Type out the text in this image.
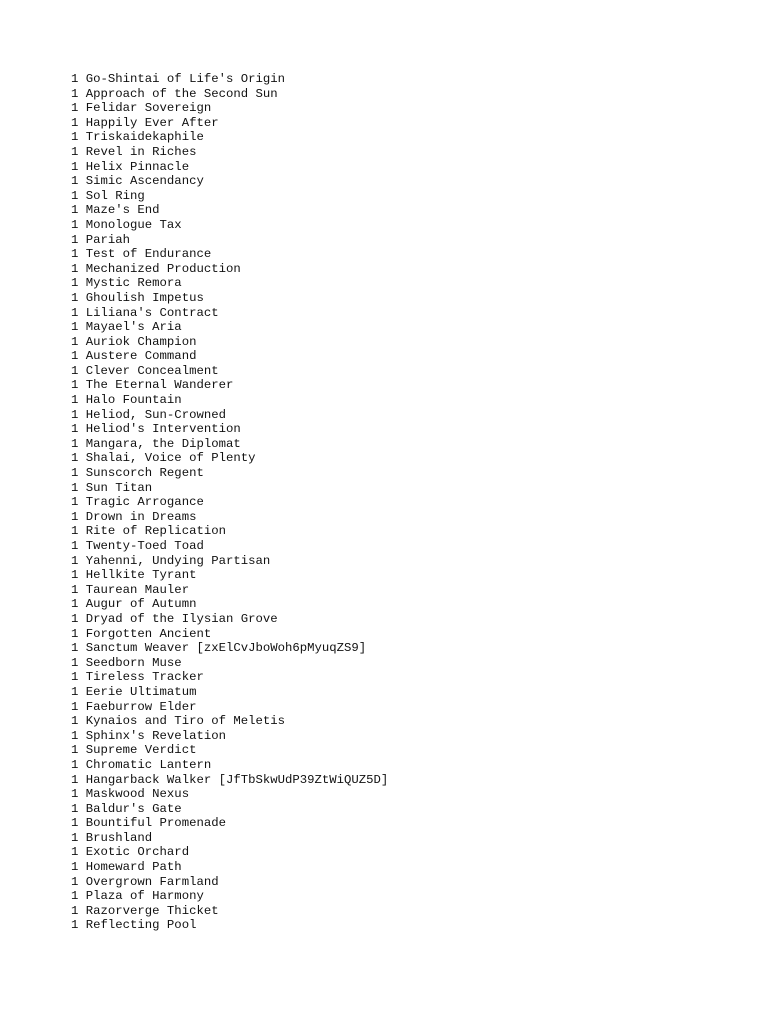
1 Go-Shintai of Life's Origin
1 Approach of the Second Sun
1 Felidar Sovereign
1 Happily Ever After
1 Triskaidekaphile
1 Revel in Riches
1 Helix Pinnacle
1 Simic Ascendancy
1 Sol Ring
1 Maze's End
1 Monologue Tax
1 Pariah
1 Test of Endurance
1 Mechanized Production
1 Mystic Remora
1 Ghoulish Impetus
1 Liliana's Contract
1 Mayael's Aria
1 Auriok Champion
1 Austere Command
1 Clever Concealment
1 The Eternal Wanderer
1 Halo Fountain
1 Heliod, Sun-Crowned
1 Heliod's Intervention
1 Mangara, the Diplomat
1 Shalai, Voice of Plenty
1 Sunscorch Regent
1 Sun Titan
1 Tragic Arrogance
1 Drown in Dreams
1 Rite of Replication
1 Twenty-Toed Toad
1 Yahenni, Undying Partisan
1 Hellkite Tyrant
1 Taurean Mauler
1 Augur of Autumn
1 Dryad of the Ilysian Grove
1 Forgotten Ancient
1 Sanctum Weaver [zxElCvJboWoh6pMyuqZS9]
1 Seedborn Muse
1 Tireless Tracker
1 Eerie Ultimatum
1 Faeburrow Elder
1 Kynaios and Tiro of Meletis
1 Sphinx's Revelation
1 Supreme Verdict
1 Chromatic Lantern
1 Hangarback Walker [JfTbSkwUdP39ZtWiQUZ5D]
1 Maskwood Nexus
1 Baldur's Gate
1 Bountiful Promenade
1 Brushland
1 Exotic Orchard
1 Homeward Path
1 Overgrown Farmland
1 Plaza of Harmony
1 Razorverge Thicket
1 Reflecting Pool
